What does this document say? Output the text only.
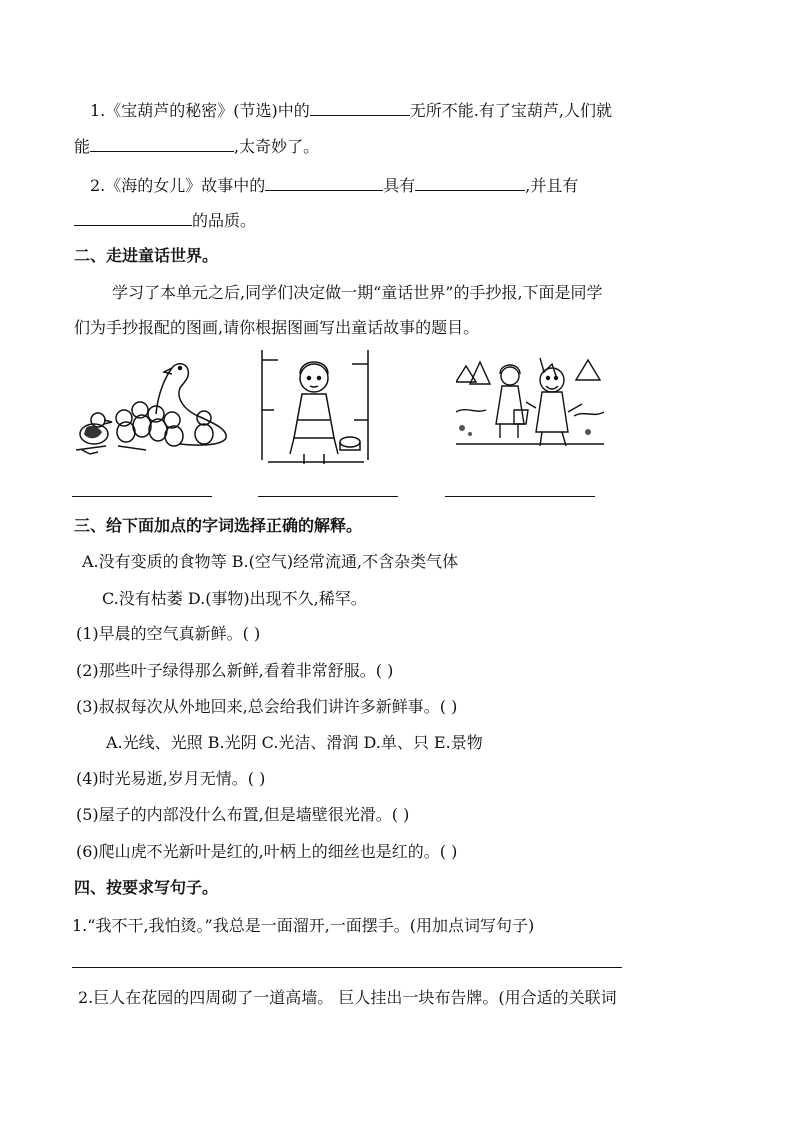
1.《宝葫芦的秘密》(节选)中的	无所不能.有了宝葫芦,人们就
能	,太奇妙了。
2.《海的女儿》故事中的	具有	,并且有
的品质。
二、走进童话世界。
学习了本单元之后,同学们决定做一期“童话世界”的手抄报,下面是同学
们为手抄报配的图画,请你根据图画写出童话故事的题目。
三、给下面加点的字词选择正确的解释。
A.没有变质的食物等 B.(空气)经常流通,不含杂类气体
C.没有枯萎 D.(事物)出现不久,稀罕。
(1)早晨的空气真新鲜。( )
(2)那些叶子绿得那么新鲜,看着非常舒服。( )
(3)叔叔每次从外地回来,总会给我们讲许多新鲜事。( )
A.光线、光照 B.光阴 C.光洁、滑润 D.单、只 E.景物
(4)时光易逝,岁月无情。( )
(5)屋子的内部没什么布置,但是墙壁很光滑。( )
(6)爬山虎不光新叶是红的,叶柄上的细丝也是红的。( )
四、按要求写句子。
1.“我不干,我怕烫。”我总是一面溜开,一面摆手。(用加点词写句子)
2.巨人在花园的四周砌了一道高墙。 巨人挂出一块布告牌。(用合适的关联词
